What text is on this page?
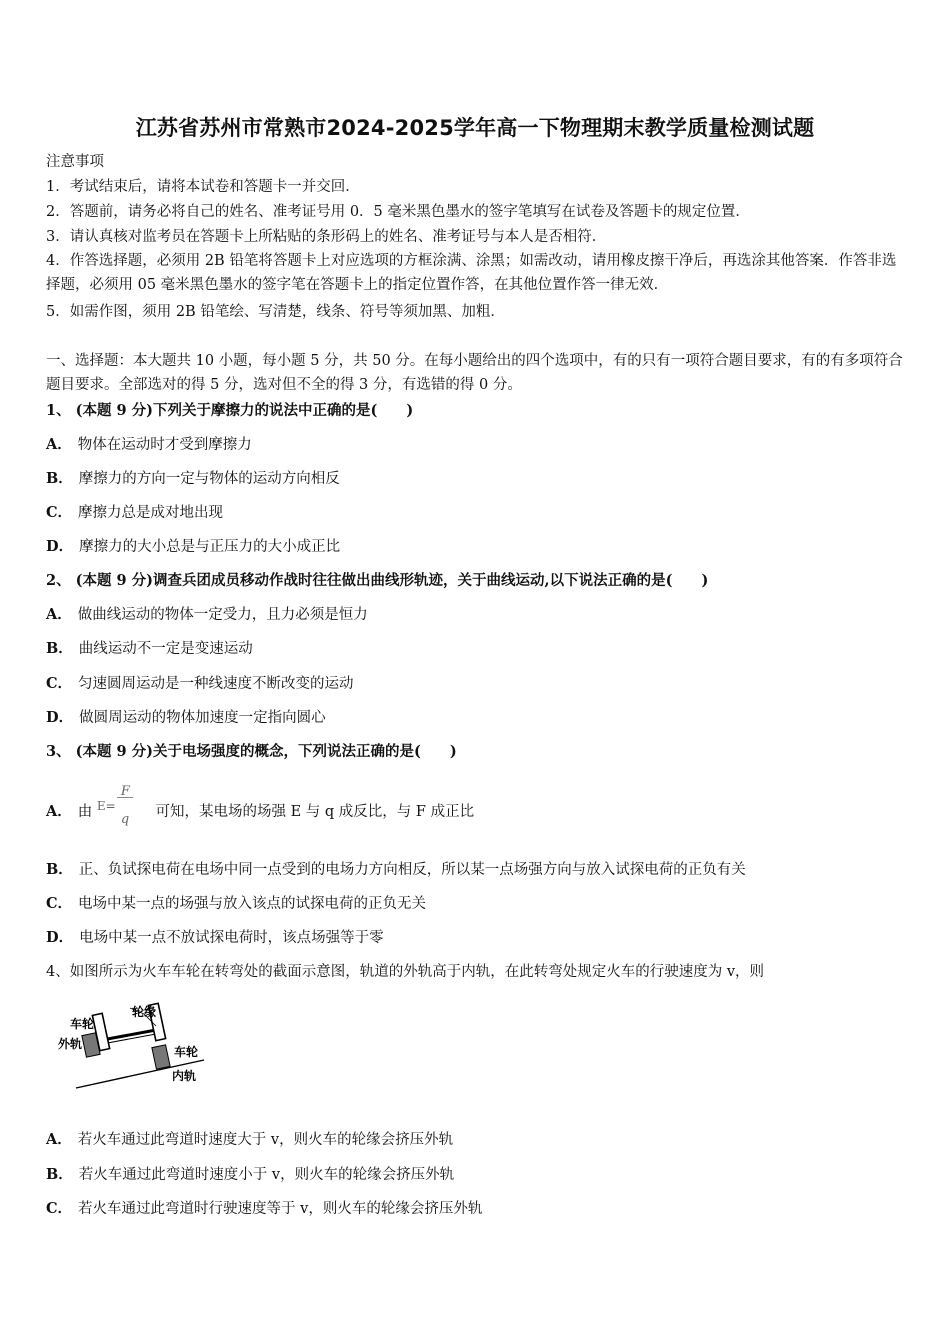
江苏省苏州市常熟市2024-2025学年高一下物理期末教学质量检测试题
注意事项
1．考试结束后，请将本试卷和答题卡一并交回．
2．答题前，请务必将自己的姓名、准考证号用 0．5 毫米黑色墨水的签字笔填写在试卷及答题卡的规定位置．
3．请认真核对监考员在答题卡上所粘贴的条形码上的姓名、准考证号与本人是否相符．
4．作答选择题，必须用 2B 铅笔将答题卡上对应选项的方框涂满、涂黑；如需改动，请用橡皮擦干净后，再选涂其他答案．作答非选择题，必须用 05 毫米黑色墨水的签字笔在答题卡上的指定位置作答，在其他位置作答一律无效．
5．如需作图，须用 2B 铅笔绘、写清楚，线条、符号等须加黑、加粗．
一、选择题：本大题共 10 小题，每小题 5 分，共 50 分。在每小题给出的四个选项中，有的只有一项符合题目要求，有的有多项符合题目要求。全部选对的得 5 分，选对但不全的得 3 分，有选错的得 0 分。
1、 (本题 9 分)下列关于摩擦力的说法中正确的是(　　)
A． 物体在运动时才受到摩擦力
B． 摩擦力的方向一定与物体的运动方向相反
C． 摩擦力总是成对地出现
D． 摩擦力的大小总是与正压力的大小成正比
2、 (本题 9 分)调查兵团成员移动作战时往往做出曲线形轨迹，关于曲线运动,以下说法正确的是(　　)
A． 做曲线运动的物体一定受力，且力必须是恒力
B． 曲线运动不一定是变速运动
C． 匀速圆周运动是一种线速度不断改变的运动
D． 做圆周运动的物体加速度一定指向圆心
3、 (本题 9 分)关于电场强度的概念，下列说法正确的是(　　)
A． 由 E=
F
q 可知，某电场的场强 E 与 q 成反比，与 F 成正比
B． 正、负试探电荷在电场中同一点受到的电场力方向相反，所以某一点场强方向与放入试探电荷的正负有关
C． 电场中某一点的场强与放入该点的试探电荷的正负无关
D． 电场中某一点不放试探电荷时，该点场强等于零
4、如图所示为火车车轮在转弯处的截面示意图，轨道的外轨高于内轨，在此转弯处规定火车的行驶速度为 v，则
车轮
轮缘
外轨
车轮
内轨
A． 若火车通过此弯道时速度大于 v，则火车的轮缘会挤压外轨
B． 若火车通过此弯道时速度小于 v，则火车的轮缘会挤压外轨
C． 若火车通过此弯道时行驶速度等于 v，则火车的轮缘会挤压外轨
